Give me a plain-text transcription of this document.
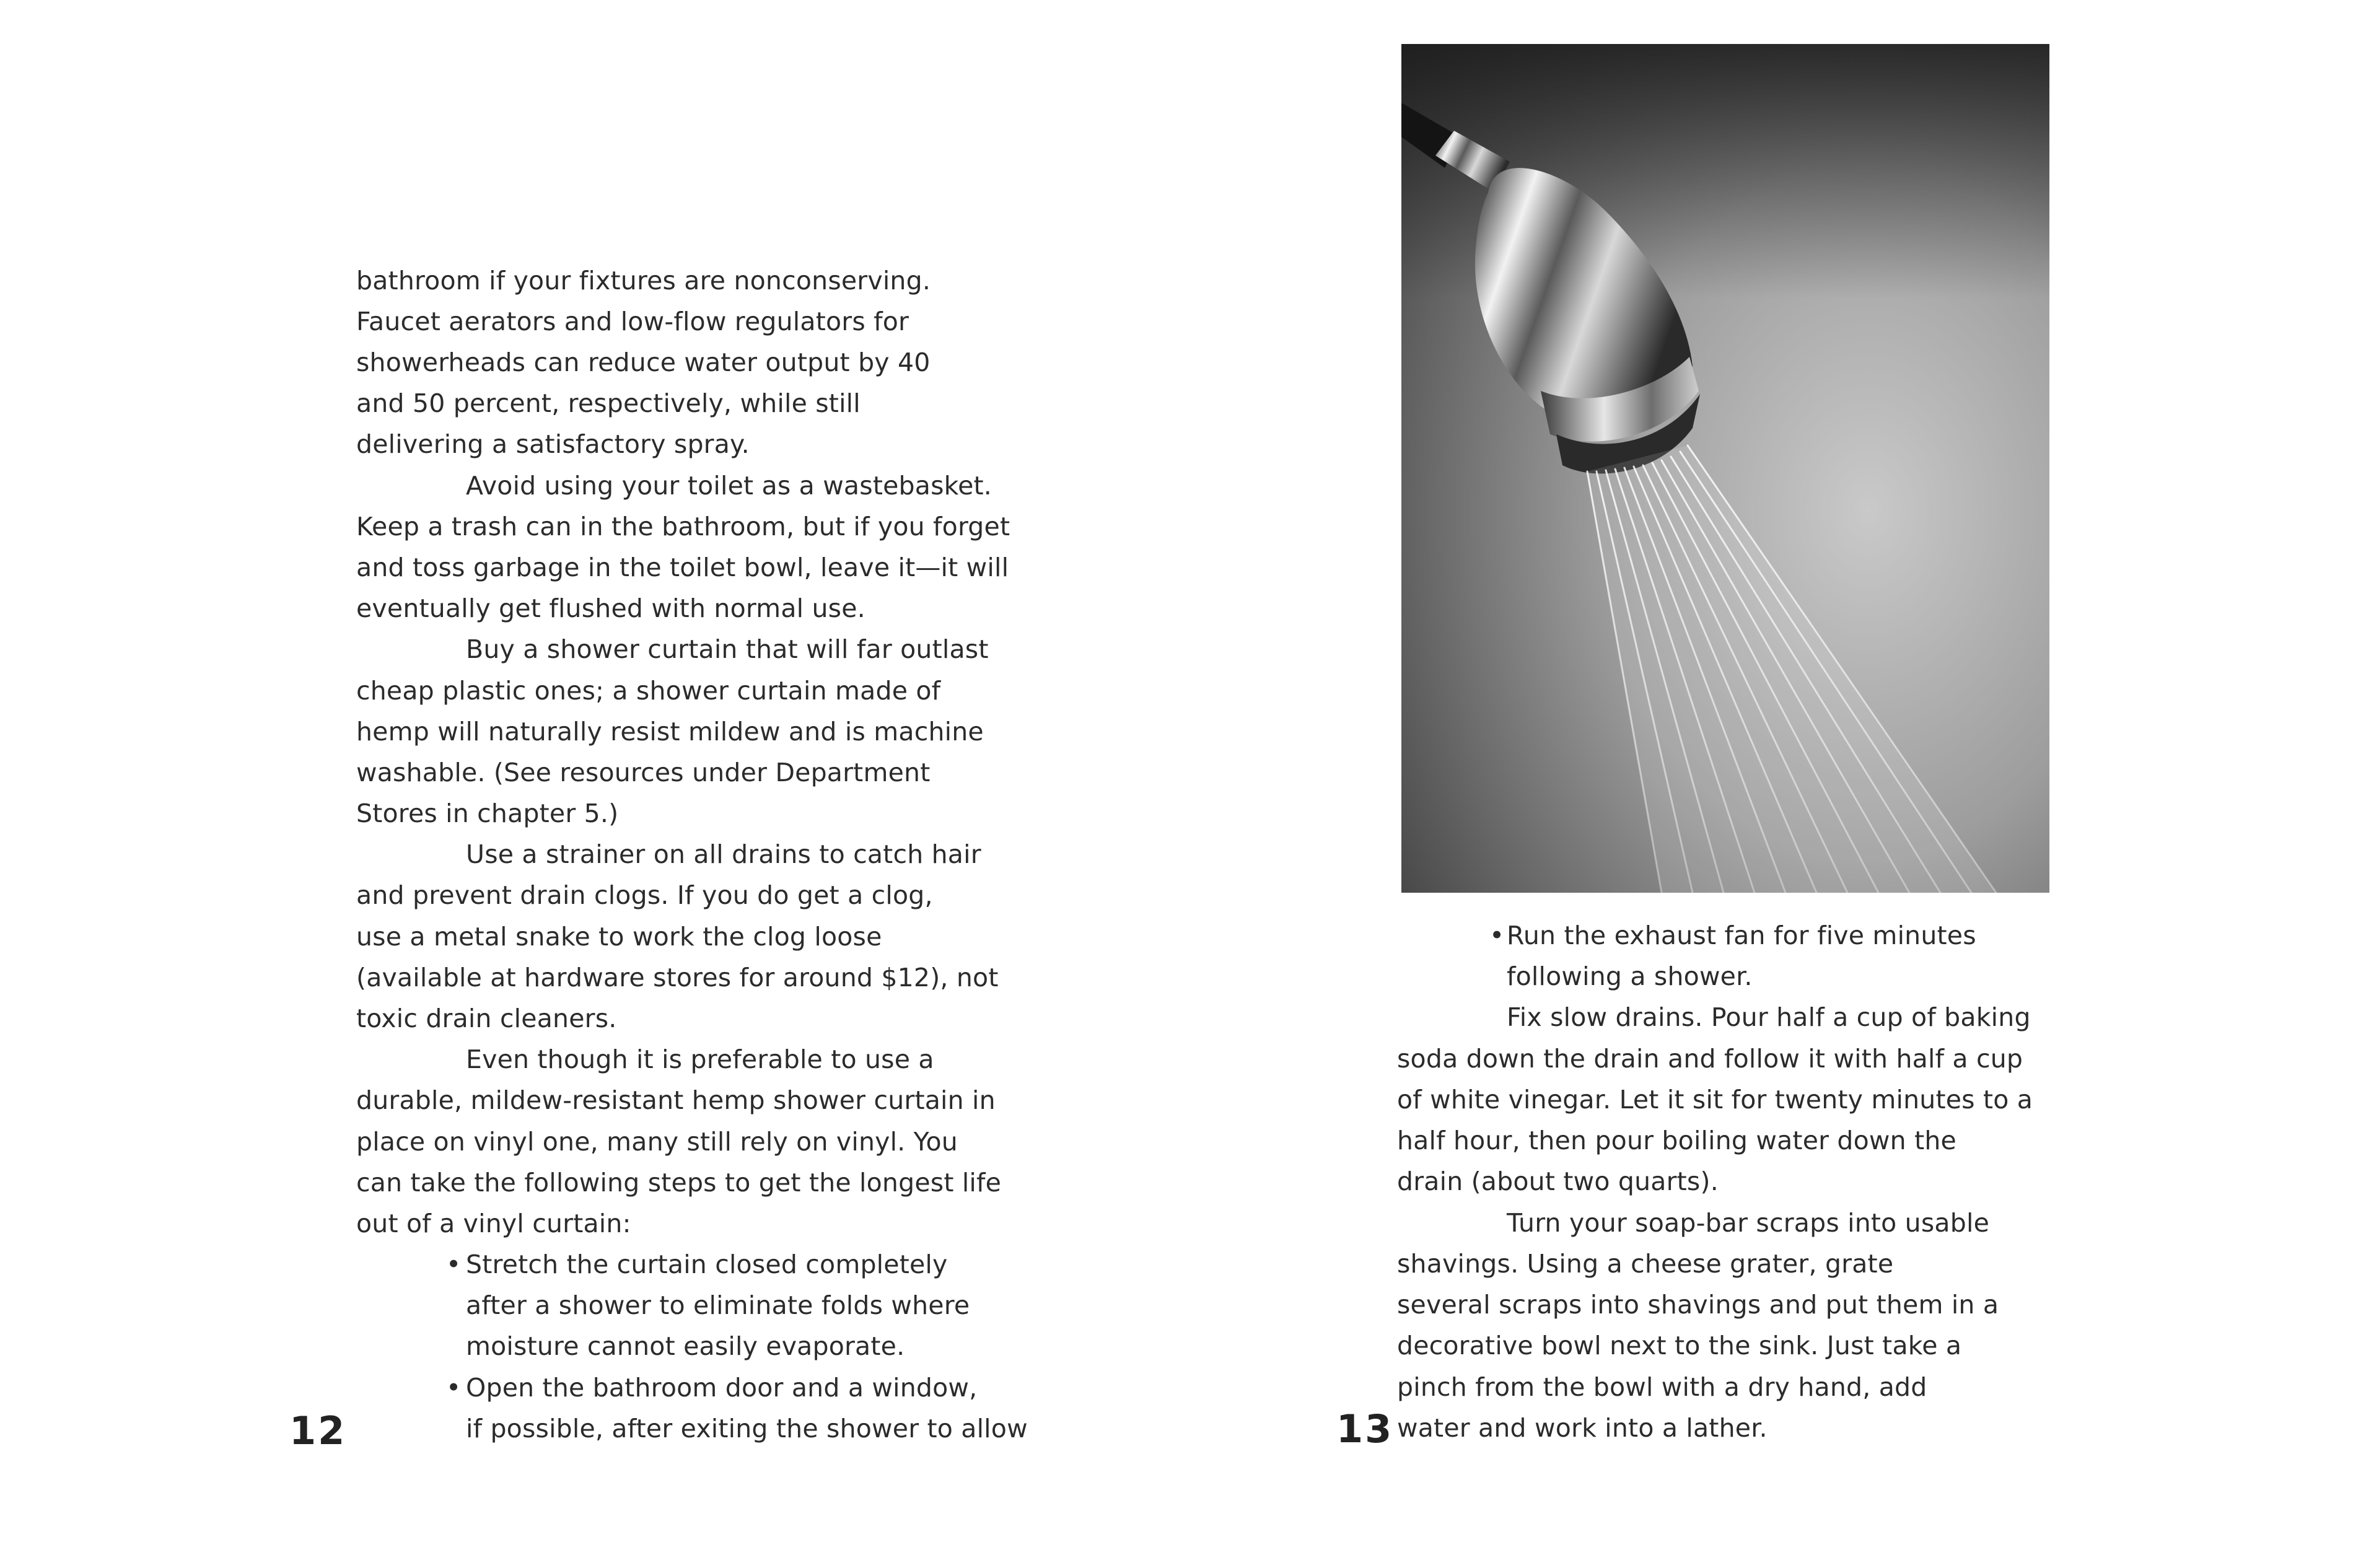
bathroom if your fixtures are nonconserving.
Faucet aerators and low-flow regulators for
showerheads can reduce water output by 40
and 50 percent, respectively, while still
delivering a satisfactory spray.
Avoid using your toilet as a wastebasket.
Keep a trash can in the bathroom, but if you forget
and toss garbage in the toilet bowl, leave it—it will
eventually get flushed with normal use.
Buy a shower curtain that will far outlast
cheap plastic ones; a shower curtain made of
hemp will naturally resist mildew and is machine
washable. (See resources under Department
Stores in chapter 5.)
Use a strainer on all drains to catch hair
and prevent drain clogs. If you do get a clog,
use a metal snake to work the clog loose
(available at hardware stores for around $12), not
toxic drain cleaners.
Even though it is preferable to use a
durable, mildew-resistant hemp shower curtain in
place on vinyl one, many still rely on vinyl. You
can take the following steps to get the longest life
out of a vinyl curtain:
• Stretch the curtain closed completely
after a shower to eliminate folds where
moisture cannot easily evaporate.
• Open the bathroom door and a window,
if possible, after exiting the shower to allow
12
• Run the exhaust fan for five minutes
following a shower.
Fix slow drains. Pour half a cup of baking
soda down the drain and follow it with half a cup
of white vinegar. Let it sit for twenty minutes to a
half hour, then pour boiling water down the
drain (about two quarts).
Turn your soap-bar scraps into usable
shavings. Using a cheese grater, grate
several scraps into shavings and put them in a
decorative bowl next to the sink. Just take a
pinch from the bowl with a dry hand, add
water and work into a lather.
13
